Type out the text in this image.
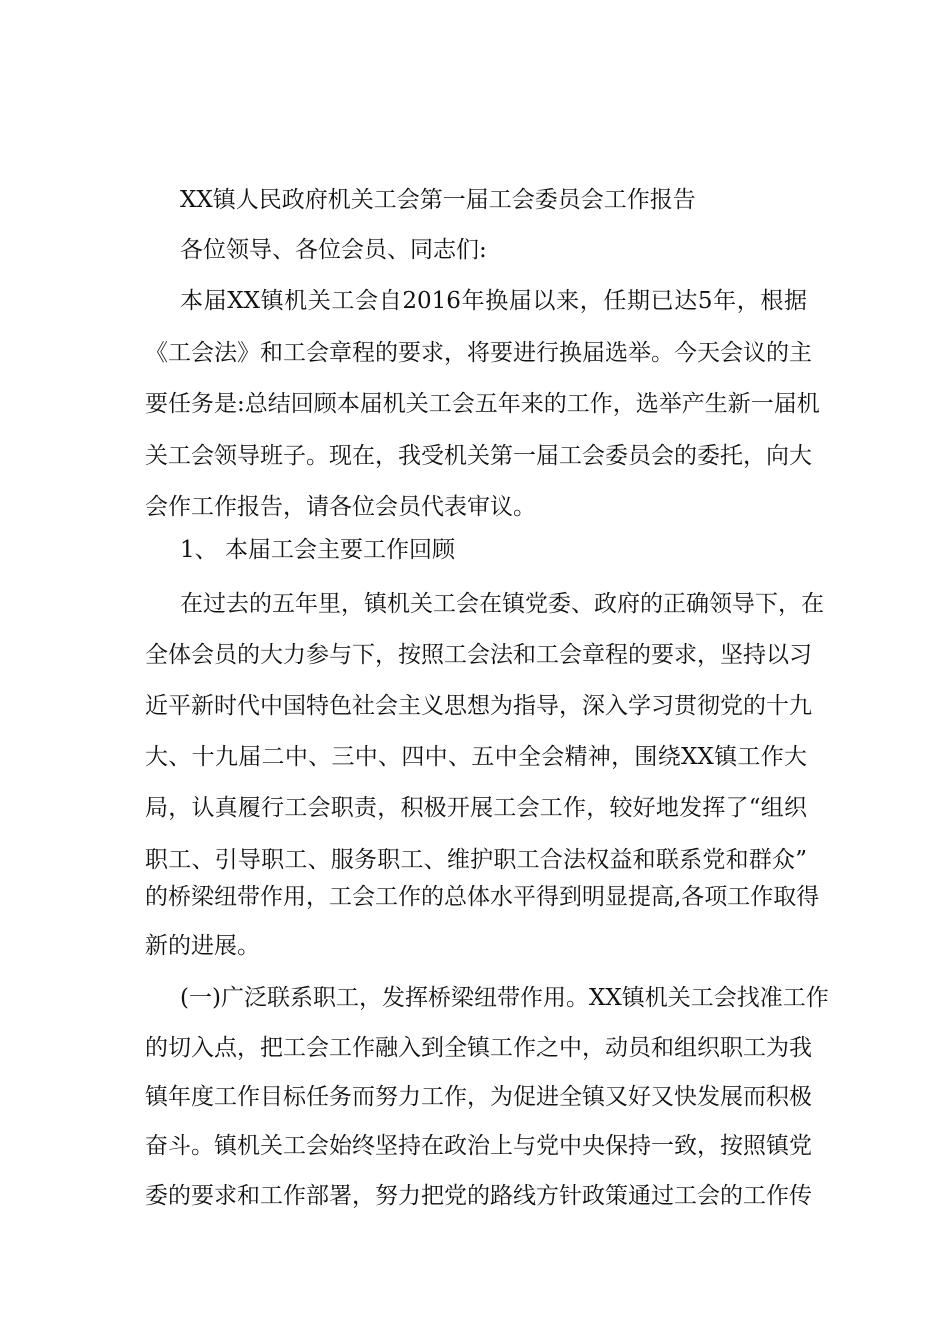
XX镇人民政府机关工会第一届工会委员会工作报告
各位领导、各位会员、同志们:
本届XX镇机关工会自2016年换届以来，任期已达5年，根据
《工会法》和工会章程的要求，将要进行换届选举。今天会议的主
要任务是:总结回顾本届机关工会五年来的工作，选举产生新一届机
关工会领导班子。现在，我受机关第一届工会委员会的委托，向大
会作工作报告，请各位会员代表审议。
1、 本届工会主要工作回顾
在过去的五年里，镇机关工会在镇党委、政府的正确领导下，在
全体会员的大力参与下，按照工会法和工会章程的要求，坚持以习
近平新时代中国特色社会主义思想为指导，深入学习贯彻党的十九
大、十九届二中、三中、四中、五中全会精神，围绕XX镇工作大
局，认真履行工会职责，积极开展工会工作，较好地发挥了“组织
职工、引导职工、服务职工、维护职工合法权益和联系党和群众”
的桥梁纽带作用，工会工作的总体水平得到明显提高,各项工作取得
新的进展。
(一)广泛联系职工，发挥桥梁纽带作用。XX镇机关工会找准工作
的切入点，把工会工作融入到全镇工作之中，动员和组织职工为我
镇年度工作目标任务而努力工作，为促进全镇又好又快发展而积极
奋斗。镇机关工会始终坚持在政治上与党中央保持一致，按照镇党
委的要求和工作部署，努力把党的路线方针政策通过工会的工作传
